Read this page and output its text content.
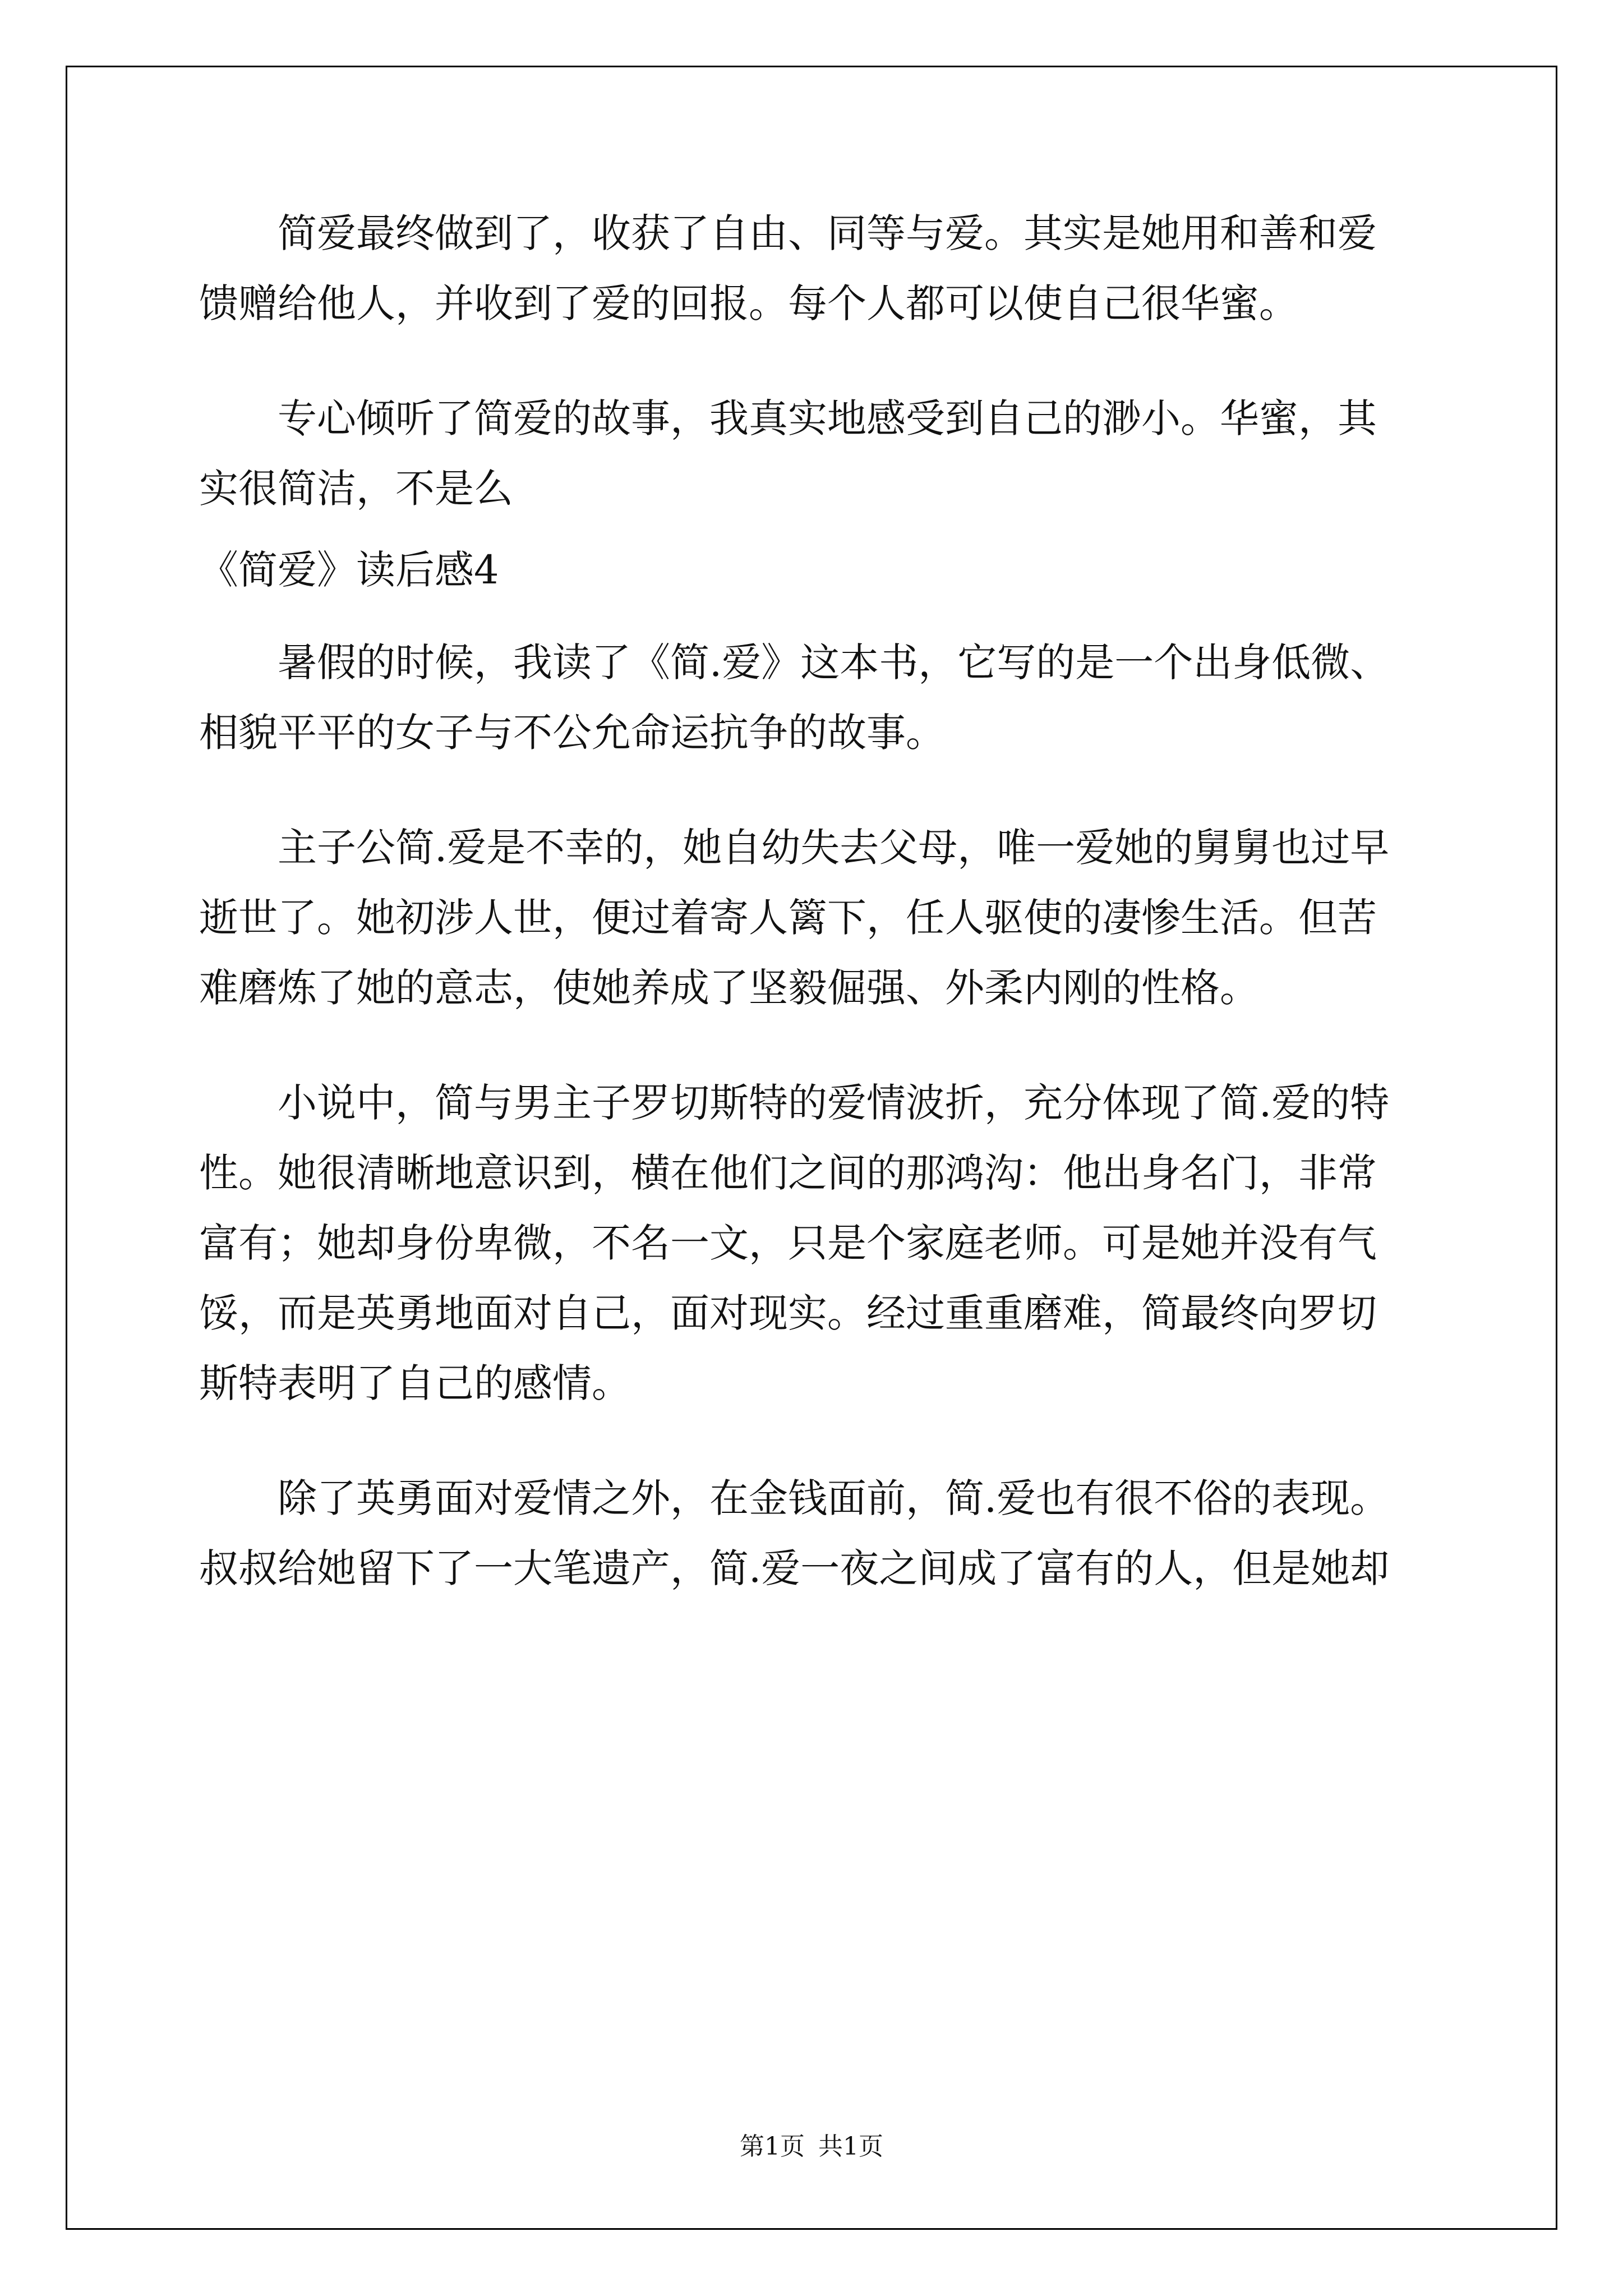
　　简爱最终做到了，收获了自由、同等与爱。其实是她用和善和爱
馈赠给他人，并收到了爱的回报。每个人都可以使自己很华蜜。
　　专心倾听了简爱的故事，我真实地感受到自己的渺小。华蜜，其
实很简洁，不是么
《简爱》读后感4
　　暑假的时候，我读了《简.爱》这本书，它写的是一个出身低微、
相貌平平的女子与不公允命运抗争的故事。
　　主子公简.爱是不幸的，她自幼失去父母，唯一爱她的舅舅也过早
逝世了。她初涉人世，便过着寄人篱下，任人驱使的凄惨生活。但苦
难磨炼了她的意志，使她养成了坚毅倔强、外柔内刚的性格。
　　小说中，简与男主子罗切斯特的爱情波折，充分体现了简.爱的特
性。她很清晰地意识到，横在他们之间的那鸿沟：他出身名门，非常
富有；她却身份卑微，不名一文，只是个家庭老师。可是她并没有气
馁，而是英勇地面对自己，面对现实。经过重重磨难，简最终向罗切
斯特表明了自己的感情。
　　除了英勇面对爱情之外，在金钱面前，简.爱也有很不俗的表现。
叔叔给她留下了一大笔遗产，简.爱一夜之间成了富有的人，但是她却
第1页 共1页
